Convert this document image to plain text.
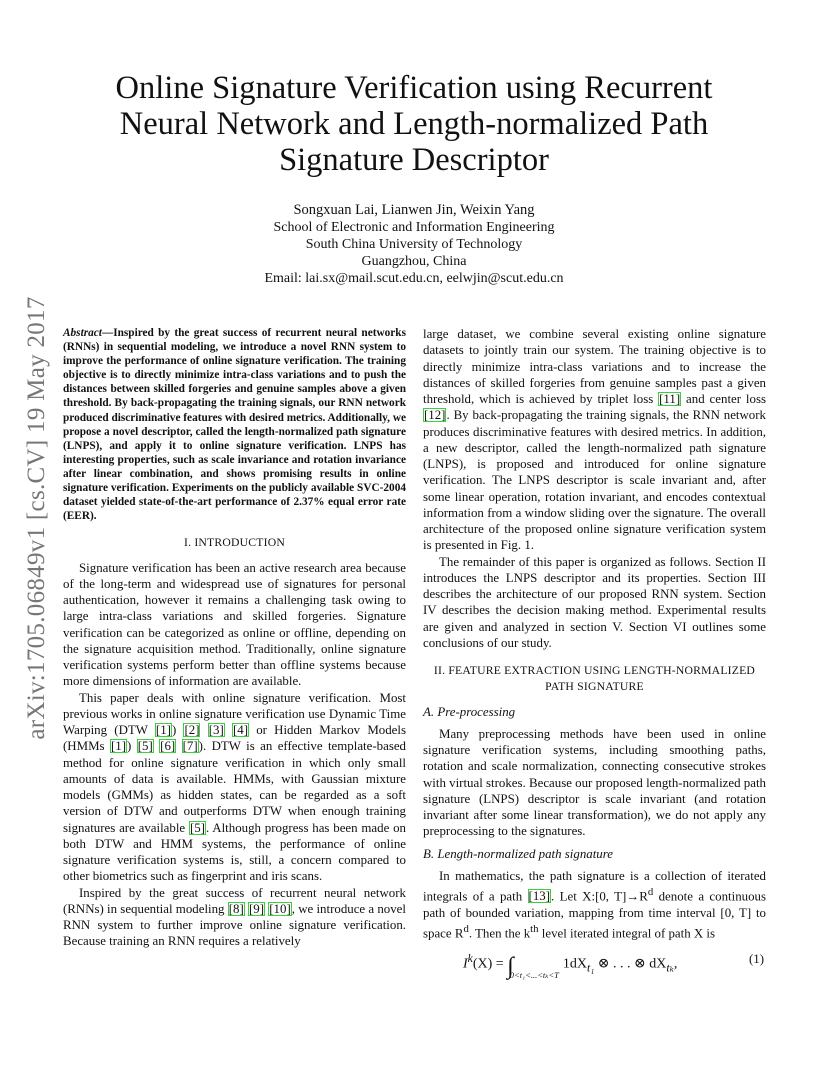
arXiv:1705.06849v1 [cs.CV] 19 May 2017
Online Signature Verification using Recurrent
Neural Network and Length-normalized Path
Signature Descriptor
Songxuan Lai, Lianwen Jin, Weixin Yang
School of Electronic and Information Engineering
South China University of Technology
Guangzhou, China
Email: lai.sx@mail.scut.edu.cn, eelwjin@scut.edu.cn

Abstract—Inspired by the great success of recurrent neural networks (RNNs) in sequential modeling, we introduce a novel RNN system to improve the performance of online signature verification. The training objective is to directly minimize intra-class variations and to push the distances between skilled forgeries and genuine samples above a given threshold. By back-propagating the training signals, our RNN network produced discriminative features with desired metrics. Additionally, we propose a novel descriptor, called the length-normalized path signature (LNPS), and apply it to online signature verification. LNPS has interesting properties, such as scale invariance and rotation invariance after linear combination, and shows promising results in online signature verification. Experiments on the publicly available SVC-2004 dataset yielded state-of-the-art performance of 2.37% equal error rate (EER).

I. INTRODUCTION

Signature verification has been an active research area because of the long-term and widespread use of signatures for personal authentication, however it remains a challenging task owing to large intra-class variations and skilled forgeries. Signature verification can be categorized as online or offline, depending on the signature acquisition method. Traditionally, online signature verification systems perform better than offline systems because more dimensions of information are available.

This paper deals with online signature verification. Most previous works in online signature verification use Dynamic Time Warping (DTW [1]) [2] [3] [4] or Hidden Markov Models (HMMs [1]) [5] [6] [7]). DTW is an effective template-based method for online signature verification in which only small amounts of data is available. HMMs, with Gaussian mixture models (GMMs) as hidden states, can be regarded as a soft version of DTW and outperforms DTW when enough training signatures are available [5]. Although progress has been made on both DTW and HMM systems, the performance of online signature verification systems is, still, a concern compared to other biometrics such as fingerprint and iris scans.

Inspired by the great success of recurrent neural network (RNNs) in sequential modeling [8] [9] [10], we introduce a novel RNN system to further improve online signature verification. Because training an RNN requires a relatively

large dataset, we combine several existing online signature datasets to jointly train our system. The training objective is to directly minimize intra-class variations and to increase the distances of skilled forgeries from genuine samples past a given threshold, which is achieved by triplet loss [11] and center loss [12]. By back-propagating the training signals, the RNN network produces discriminative features with desired metrics. In addition, a new descriptor, called the length-normalized path signature (LNPS), is proposed and introduced for online signature verification. The LNPS descriptor is scale invariant and, after some linear operation, rotation invariant, and encodes contextual information from a window sliding over the signature. The overall architecture of the proposed online signature verification system is presented in Fig. 1.

The remainder of this paper is organized as follows. Section II introduces the LNPS descriptor and its properties. Section III describes the architecture of our proposed RNN system. Section IV describes the decision making method. Experimental results are given and analyzed in section V. Section VI outlines some conclusions of our study.

II. FEATURE EXTRACTION USING LENGTH-NORMALIZED
PATH SIGNATURE
A. Pre-processing

Many preprocessing methods have been used in online signature verification systems, including smoothing paths, rotation and scale normalization, connecting consecutive strokes with virtual strokes. Because our proposed length-normalized path signature (LNPS) descriptor is scale invariant (and rotation invariant after some linear transformation), we do not apply any preprocessing to the signatures.

B. Length-normalized path signature

In mathematics, the path signature is a collection of iterated integrals of a path [13]. Let X:[0, $T]\to R^d$ denote a continuous path of bounded variation, mapping from time interval [0, T] to space $R^d$. Then the $k^{th}$ level iterated integral of path X is

$I^k(X) = \int_{0<t_1<...<t_k<T}1dX_{t_1}$ ⊗ . . . ⊗ $dX_{t_k}$,	(1)
